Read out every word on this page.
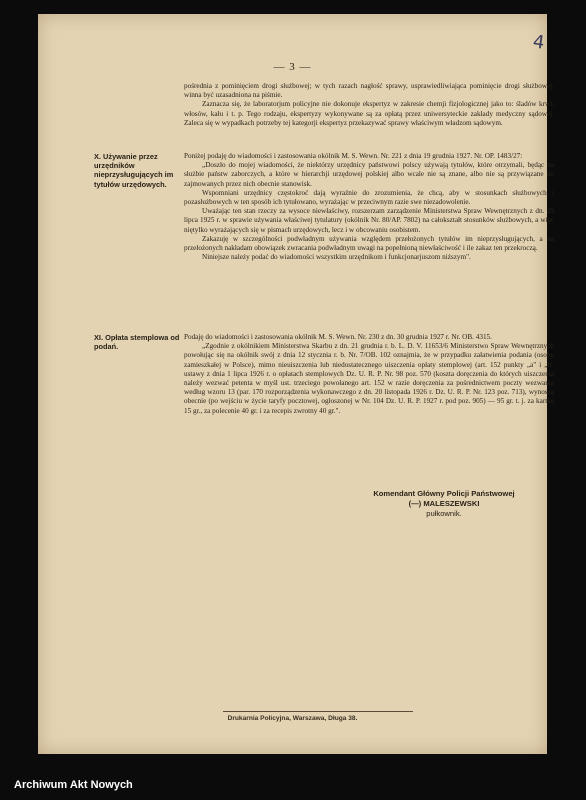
4
— 3 —

pośrednia z pominięciem drogi służbowej; w tych razach nagłość sprawy, usprawiedliwiająca pominięcie drogi służbowej, winna być uzasadniona na piśmie.

Zaznacza się, że laboratorjum policyjne nie dokonuje ekspertyz w zakresie chemji fizjologicznej jako to: śladów krwi, włosów, kału i t. p. Tego rodzaju, ekspertyzy wykonywane są za opłatą przez uniwersyteckie zakłady medyczny sądowej. Zaleca się w wypadkach potrzeby tej kategorji ekspertyz przekazywać sprawy właściwym władzom sądowym.

X. Używanie przez urzędników nieprzysługujących im tytułów urzędowych.

Poniżej podaję do wiadomości i zastosowania okólnik M. S. Wewn. Nr. 221 z dnia 19 grudnia 1927. Nr. OP. 1483/27:

„Doszło do mojej wiadomości, że niektórzy urzędnicy państwowi polscy używają tytułów, które otrzymali, będąc na służbie państw zaborczych, a które w hierarchji urzędowej polskiej albo wcale nie są znane, albo nie są przywiązane do zajmowanych przez nich obecnie stanowisk.

Wspomniani urzędnicy częstokroć dają wyraźnie do zrozumienia, że chcą, aby w stosunkach służbowych i pozasłużbowych w ten sposób ich tytułowano, wyrażając w przeciwnym razie swe niezadowolenie.

Uważając ten stan rzeczy za wysoce niewłaściwy, rozszerzam zarządzenie Ministerstwa Spraw Wewnętrznych z dn. 29 lipca 1925 r. w sprawie używania właściwej tytulatury (okólnik Nr. 80/AP. 7802) na całokształt stosunków służbowych, a więc niętylko wyrażających się w pismach urzędowych, lecz i w obcowaniu osobistem.

Zakazuję w szczególności podwładnym używania względem przełożonych tytułów im nieprzysługujących, a na przełożonych nakładam obowiązek zwracania podwładnym uwagi na popełnioną niewłaściwość i ile zakaz ten przekroczą.

Niniejsze należy podać do wiadomości wszystkim urzędnikom i funkcjonarjuszom niższym".

XI. Opłata stemplowa od podań.

Podaję do wiadomości i zastosowania okólnik M. S. Wewn. Nr. 230 z dn. 30 grudnia 1927 r. Nr. OB. 4315.

„Zgodnie z okólnikiem Ministerstwa Skarbu z dn. 21 grudnia r. b. L. D. V. 11653/6 Ministerstwo Spraw Wewnętrznych powołując się na okólnik swój z dnia 12 stycznia r. b. Nr. 7/OB. 102 oznajmia, że w przypadku załatwienia podania (osoby zamieszkałej w Polsce), mimo nieuiszczenia lub niedostatecznego uiszczenia opłaty stemplowej (art. 152 punkty „a" i „b" ustawy z dnia 1 lipca 1926 r. o opłatach stemplowych Dz. U. R. P. Nr. 98 poz. 570 (koszta doręczenia do których uiszczenia należy wezwać petenta w myśl ust. trzeciego powołanego art. 152 w razie doręczenia za pośrednictwem poczty wezwania według wzoru 13 (par. 170 rozporządzenia wykonawczego z dn. 20 listopada 1926 r. Dz. U. R. P. Nr. 123 poz. 713), wynoszą obecnie (po wejściu w życie taryfy pocztowej, ogłoszonej w Nr. 104 Dz. U. R. P. 1927 r. pod poz. 905) — 95 gr. t. j. za kartkę 15 gr., za polecenie 40 gr. i za recepis zwrotny 40 gr.".

Komendant Główny Policji Państwowej
(—) MALESZEWSKI
pułkownik.
Drukarnia Policyjna, Warszawa, Długa 38.
Archiwum Akt Nowych
